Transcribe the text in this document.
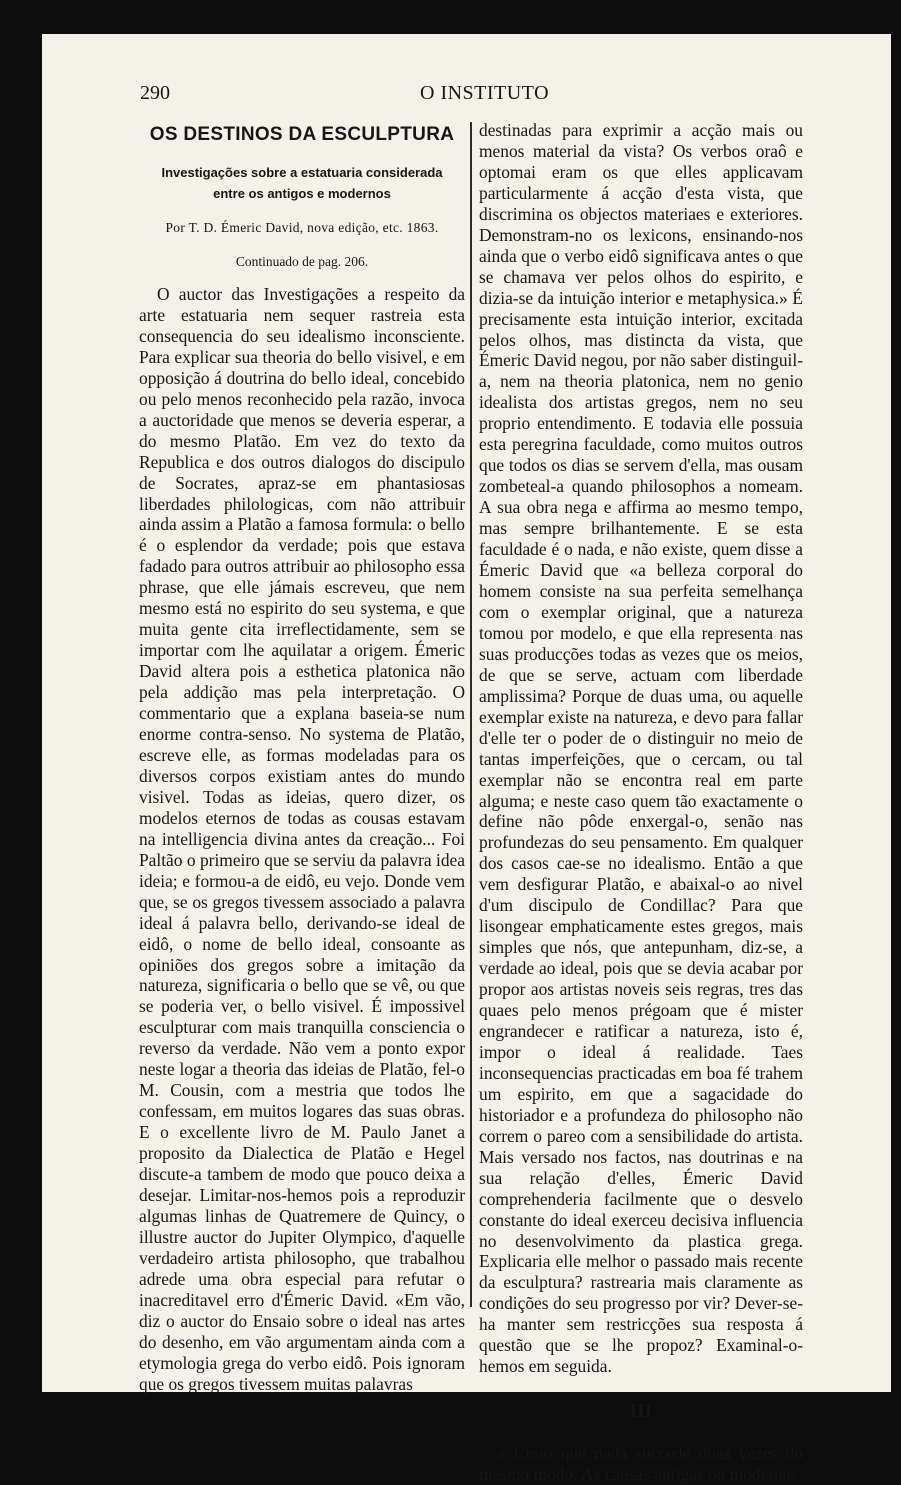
290	O INSTITUTO
OS DESTINOS DA ESCULPTURA
Investigações sobre a estatuaria considerada
entre os antigos e modernos
Por T. D. Émeric David, nova edição, etc. 1863.
Continuado de pag. 206.

O auctor das Investigações a respeito da arte estatuaria nem sequer rastreia esta consequencia do seu idealismo inconsciente. Para explicar sua theoria do bello visivel, e em opposição á doutrina do bello ideal, concebido ou pelo menos reconhecido pela razão, invoca a auctoridade que menos se deveria esperar, a do mesmo Platão. Em vez do texto da Republica e dos outros dialogos do discipulo de Socrates, apraz-se em phantasiosas liberdades philologicas, com não attribuir ainda assim a Platão a famosa formula: o bello é o esplendor da verdade; pois que estava fadado para outros attribuir ao philosopho essa phrase, que elle jámais escreveu, que nem mesmo está no espirito do seu systema, e que muita gente cita irreflectidamente, sem se importar com lhe aquilatar a origem. Émeric David altera pois a esthetica platonica não pela addição mas pela interpretação. O commentario que a explana baseia-se num enorme contra-senso. No systema de Platão, escreve elle, as formas modeladas para os diversos corpos existiam antes do mundo visivel. Todas as ideias, quero dizer, os modelos eternos de todas as cousas estavam na intelligencia divina antes da creação... Foi Paltão o primeiro que se serviu da palavra idea ideia; e formou-a de eidô, eu vejo. Donde vem que, se os gregos tivessem associado a palavra ideal á palavra bello, derivando-se ideal de eidô, o nome de bello ideal, consoante as opiniões dos gregos sobre a imitação da natureza, significaria o bello que se vê, ou que se poderia ver, o bello visivel. É impossivel esculpturar com mais tranquilla consciencia o reverso da verdade. Não vem a ponto expor neste logar a theoria das ideias de Platão, fel-o M. Cousin, com a mestria que todos lhe confessam, em muitos logares das suas obras. E o excellente livro de M. Paulo Janet a proposito da Dialectica de Platão e Hegel discute-a tambem de modo que pouco deixa a desejar. Limitar-nos-hemos pois a reproduzir algumas linhas de Quatremere de Quincy, o illustre auctor do Jupiter Olympico, d'aquelle verdadeiro artista philosopho, que trabalhou adrede uma obra especial para refutar o inacreditavel erro d'Émeric David. «Em vão, diz o auctor do Ensaio sobre o ideal nas artes do desenho, em vão argumentam ainda com a etymologia grega do verbo eidô. Pois ignoram que os gregos tivessem muitas palavras

destinadas para exprimir a acção mais ou menos material da vista? Os verbos oraô e optomai eram os que elles applicavam particularmente á acção d'esta vista, que discrimina os objectos materiaes e exteriores. Demonstram-no os lexicons, ensinando-nos ainda que o verbo eidô significava antes o que se chamava ver pelos olhos do espirito, e dizia-se da intuição interior e metaphysica.» É precisamente esta intuição interior, excitada pelos olhos, mas distincta da vista, que Émeric David negou, por não saber distinguil-a, nem na theoria platonica, nem no genio idealista dos artistas gregos, nem no seu proprio entendimento. E todavia elle possuia esta peregrina faculdade, como muitos outros que todos os dias se servem d'ella, mas ousam zombeteal-a quando philosophos a nomeam. A sua obra nega e affirma ao mesmo tempo, mas sempre brilhantemente. E se esta faculdade é o nada, e não existe, quem disse a Émeric David que «a belleza corporal do homem consiste na sua perfeita semelhança com o exemplar original, que a natureza tomou por modelo, e que ella representa nas suas producções todas as vezes que os meios, de que se serve, actuam com liberdade amplissima? Porque de duas uma, ou aquelle exemplar existe na natureza, e devo para fallar d'elle ter o poder de o distinguir no meio de tantas imperfeições, que o cercam, ou tal exemplar não se encontra real em parte alguma; e neste caso quem tão exactamente o define não pôde enxergal-o, senão nas profundezas do seu pensamento. Em qualquer dos casos cae-se no idealismo. Então a que vem desfigurar Platão, e abaixal-o ao nivel d'um discipulo de Condillac? Para que lisongear emphaticamente estes gregos, mais simples que nós, que antepunham, diz-se, a verdade ao ideal, pois que se devia acabar por propor aos artistas noveis seis regras, tres das quaes pelo menos prégoam que é mister engrandecer e ratificar a natureza, isto é, impor o ideal á realidade. Taes inconsequencias practicadas em boa fé trahem um espirito, em que a sagacidade do historiador e a profundeza do philosopho não correm o pareo com a sensibilidade do artista. Mais versado nos factos, nas doutrinas e na sua relação d'elles, Émeric David comprehenderia facilmente que o desvelo constante do ideal exerceu decisiva influencia no desenvolvimento da plastica grega. Explicaria elle melhor o passado mais recente da esculptura? rastrearia mais claramente as condições do seu progresso por vir? Dever-se-ha manter sem restricções sua resposta á questão que se lhe propoz? Examinal-o-hemos em seguida.

III

« Creio que nada succede duas vezes do mesmo modo. As causas antigas ou modernas
